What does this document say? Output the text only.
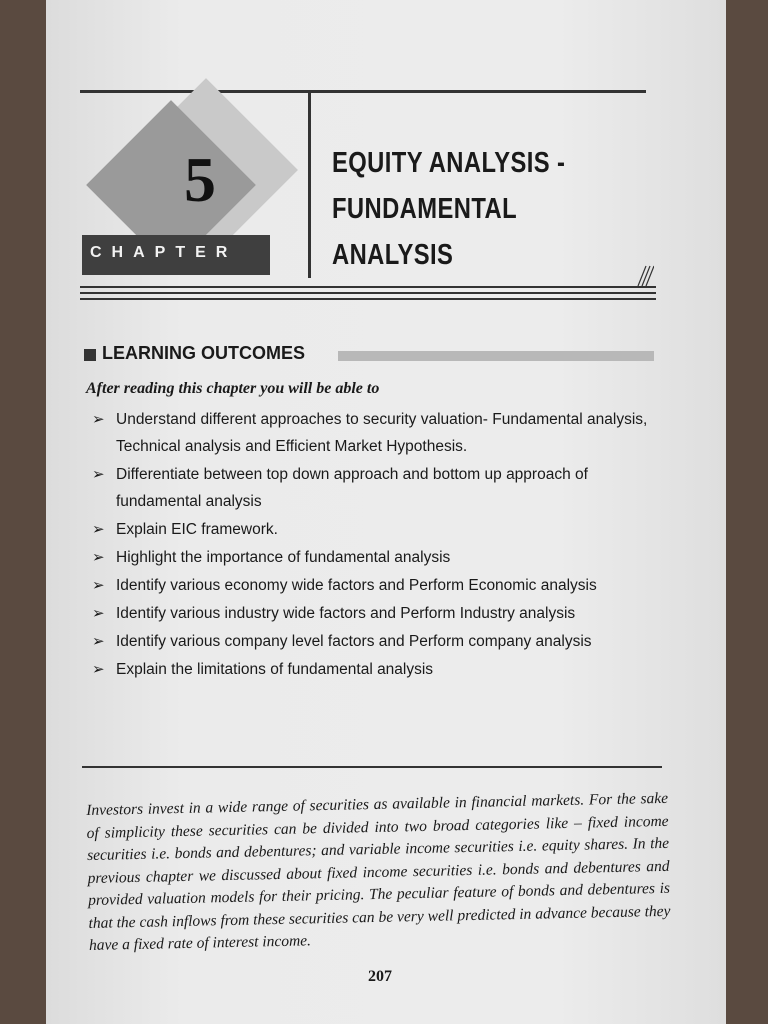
5
CHAPTER
EQUITY ANALYSIS -
FUNDAMENTAL ANALYSIS
LEARNING OUTCOMES
After reading this chapter you will be able to
➢ Understand different approaches to security valuation- Fundamental analysis, Technical analysis and Efficient Market Hypothesis.
➢ Differentiate between top down approach and bottom up approach of fundamental analysis
➢ Explain EIC framework.
➢ Highlight the importance of fundamental analysis
➢ Identify various economy wide factors and Perform Economic analysis
➢ Identify various industry wide factors and Perform Industry analysis
➢ Identify various company level factors and Perform company analysis
➢ Explain the limitations of fundamental analysis

Investors invest in a wide range of securities as available in financial markets. For the sake of simplicity these securities can be divided into two broad categories like – fixed income securities i.e. bonds and debentures; and variable income securities i.e. equity shares. In the previous chapter we discussed about fixed income securities i.e. bonds and debentures and provided valuation models for their pricing. The peculiar feature of bonds and debentures is that the cash inflows from these securities can be very well predicted in advance because they have a fixed rate of interest income.

207
